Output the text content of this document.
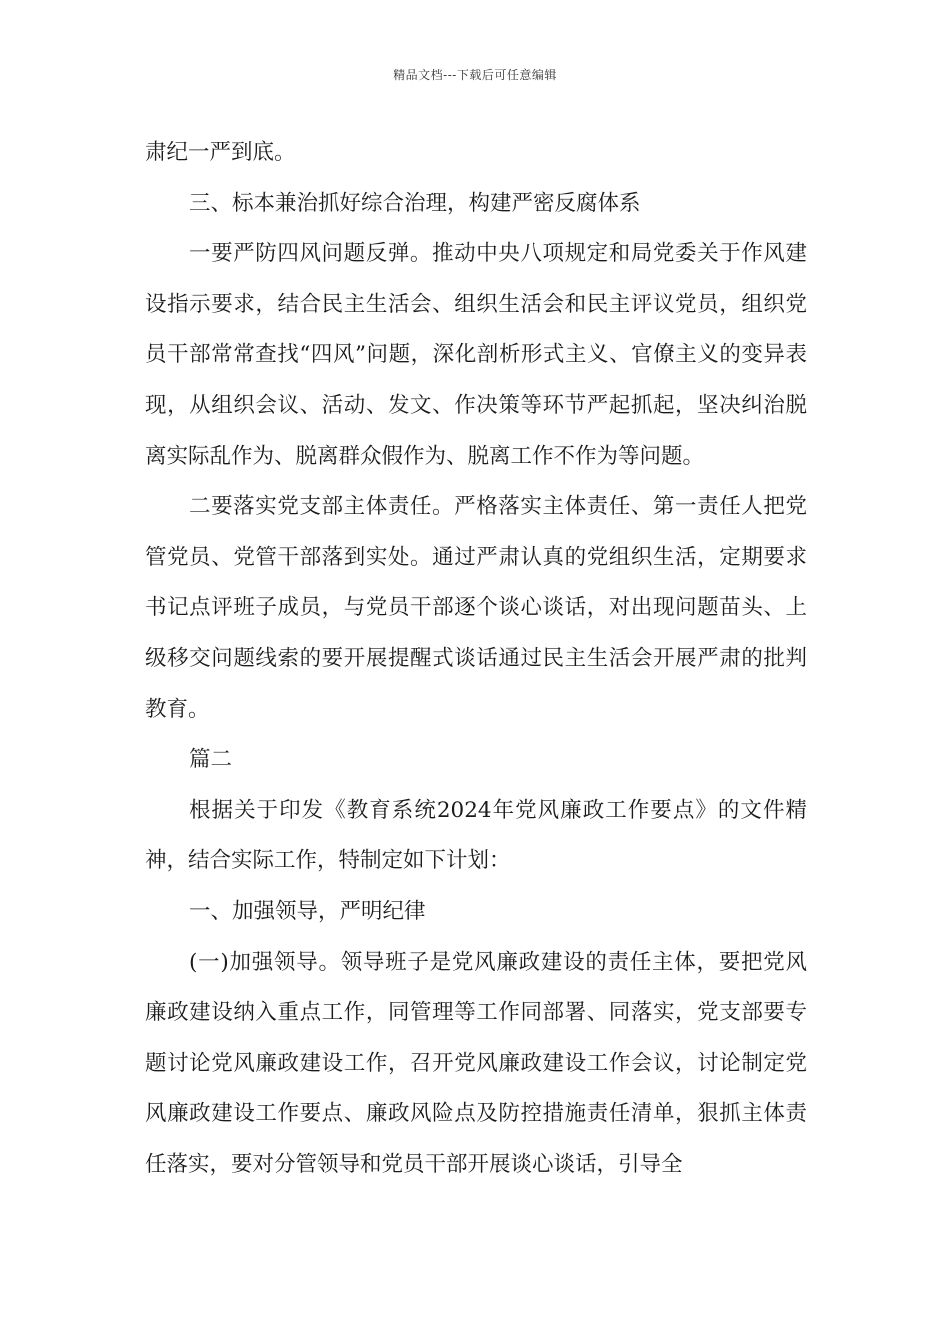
精品文档---下载后可任意编辑

肃纪一严到底。

三、标本兼治抓好综合治理，构建严密反腐体系

一要严防四风问题反弹。推动中央八项规定和局党委关于作风建设指示要求，结合民主生活会、组织生活会和民主评议党员，组织党员干部常常查找“四风”问题，深化剖析形式主义、官僚主义的变异表现，从组织会议、活动、发文、作决策等环节严起抓起，坚决纠治脱离实际乱作为、脱离群众假作为、脱离工作不作为等问题。

二要落实党支部主体责任。严格落实主体责任、第一责任人把党管党员、党管干部落到实处。通过严肃认真的党组织生活，定期要求书记点评班子成员，与党员干部逐个谈心谈话，对出现问题苗头、上级移交问题线索的要开展提醒式谈话通过民主生活会开展严肃的批判教育。

篇二

根据关于印发《教育系统2024年党风廉政工作要点》的文件精神，结合实际工作，特制定如下计划：

一、加强领导，严明纪律

(一)加强领导。领导班子是党风廉政建设的责任主体，要把党风廉政建设纳入重点工作，同管理等工作同部署、同落实，党支部要专题讨论党风廉政建设工作，召开党风廉政建设工作会议，讨论制定党风廉政建设工作要点、廉政风险点及防控措施责任清单，狠抓主体责任落实，要对分管领导和党员干部开展谈心谈话，引导全
